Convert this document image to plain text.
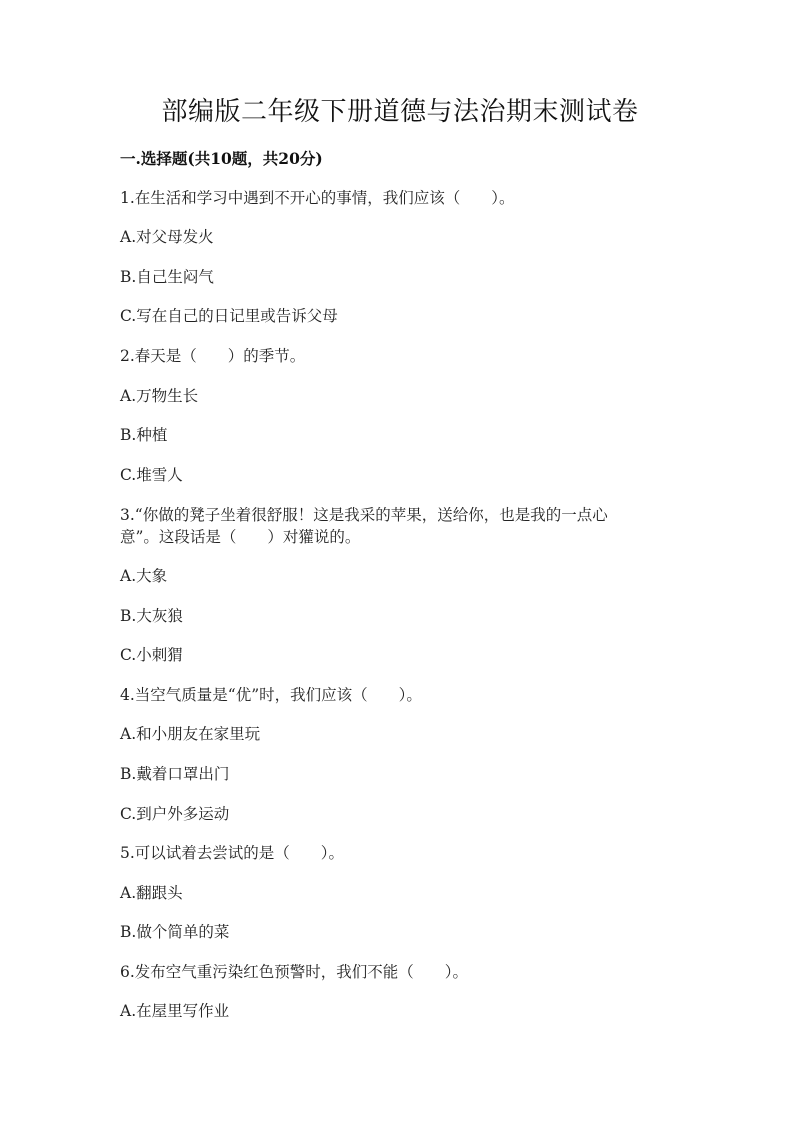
部编版二年级下册道德与法治期末测试卷
一.选择题(共10题，共20分)
1.在生活和学习中遇到不开心的事情，我们应该（　　）。
A.对父母发火
B.自己生闷气
C.写在自己的日记里或告诉父母
2.春天是（　　）的季节。
A.万物生长
B.种植
C.堆雪人
3.“你做的凳子坐着很舒服！这是我采的苹果，送给你，也是我的一点心
意”。这段话是（　　）对獾说的。
A.大象
B.大灰狼
C.小刺猬
4.当空气质量是“优”时，我们应该（　　）。
A.和小朋友在家里玩
B.戴着口罩出门
C.到户外多运动
5.可以试着去尝试的是（　　）。
A.翻跟头
B.做个简单的菜
6.发布空气重污染红色预警时，我们不能（　　）。
A.在屋里写作业
